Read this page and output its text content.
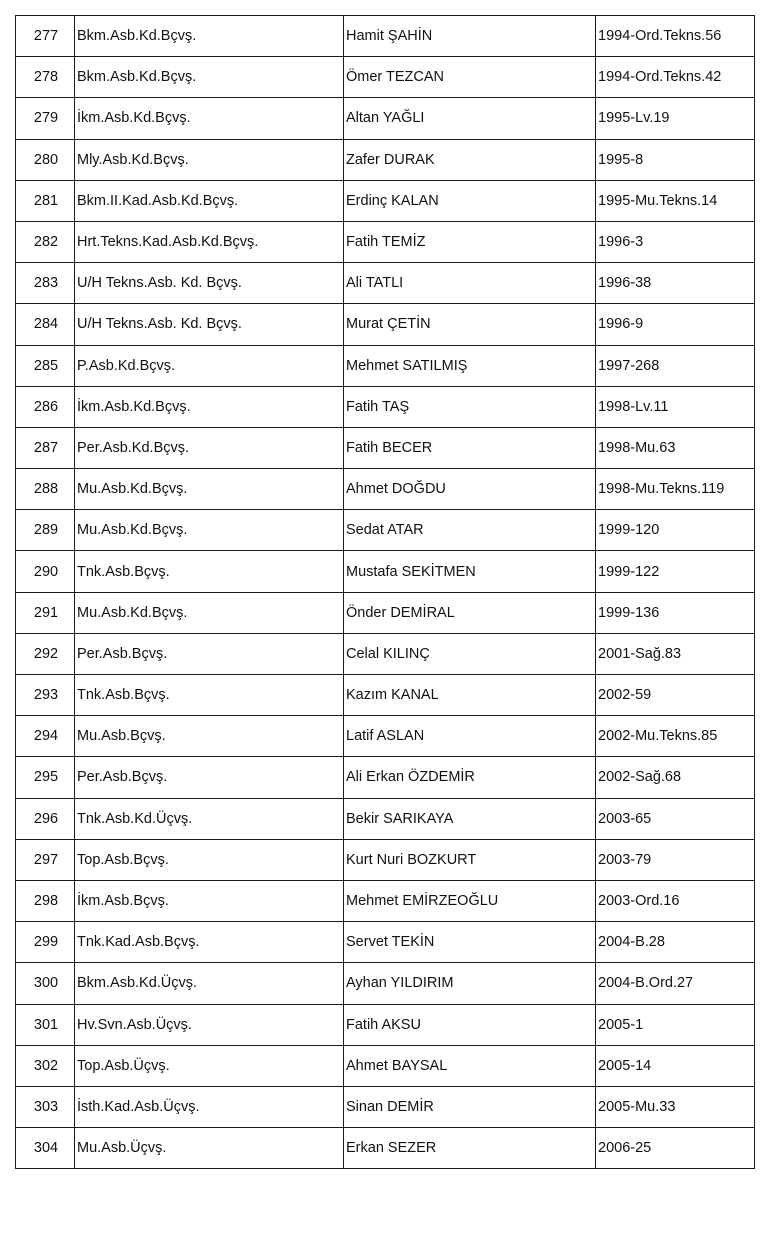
277	Bkm.Asb.Kd.Bçvş.	Hamit ŞAHİN	1994-Ord.Tekns.56
278	Bkm.Asb.Kd.Bçvş.	Ömer TEZCAN	1994-Ord.Tekns.42
279	İkm.Asb.Kd.Bçvş.	Altan YAĞLI	1995-Lv.19
280	Mly.Asb.Kd.Bçvş.	Zafer DURAK	1995-8
281	Bkm.II.Kad.Asb.Kd.Bçvş.	Erdinç KALAN	1995-Mu.Tekns.14
282	Hrt.Tekns.Kad.Asb.Kd.Bçvş.	Fatih TEMİZ	1996-3
283	U/H Tekns.Asb. Kd. Bçvş.	Ali TATLI	1996-38
284	U/H Tekns.Asb. Kd. Bçvş.	Murat ÇETİN	1996-9
285	P.Asb.Kd.Bçvş.	Mehmet SATILMIŞ	1997-268
286	İkm.Asb.Kd.Bçvş.	Fatih TAŞ	1998-Lv.11
287	Per.Asb.Kd.Bçvş.	Fatih BECER	1998-Mu.63
288	Mu.Asb.Kd.Bçvş.	Ahmet DOĞDU	1998-Mu.Tekns.119
289	Mu.Asb.Kd.Bçvş.	Sedat ATAR	1999-120
290	Tnk.Asb.Bçvş.	Mustafa SEKİTMEN	1999-122
291	Mu.Asb.Kd.Bçvş.	Önder DEMİRAL	1999-136
292	Per.Asb.Bçvş.	Celal KILINÇ	2001-Sağ.83
293	Tnk.Asb.Bçvş.	Kazım KANAL	2002-59
294	Mu.Asb.Bçvş.	Latif ASLAN	2002-Mu.Tekns.85
295	Per.Asb.Bçvş.	Ali Erkan ÖZDEMİR	2002-Sağ.68
296	Tnk.Asb.Kd.Üçvş.	Bekir SARIKAYA	2003-65
297	Top.Asb.Bçvş.	Kurt Nuri BOZKURT	2003-79
298	İkm.Asb.Bçvş.	Mehmet EMİRZEOĞLU	2003-Ord.16
299	Tnk.Kad.Asb.Bçvş.	Servet TEKİN	2004-B.28
300	Bkm.Asb.Kd.Üçvş.	Ayhan YILDIRIM	2004-B.Ord.27
301	Hv.Svn.Asb.Üçvş.	Fatih AKSU	2005-1
302	Top.Asb.Üçvş.	Ahmet BAYSAL	2005-14
303	İsth.Kad.Asb.Üçvş.	Sinan DEMİR	2005-Mu.33
304	Mu.Asb.Üçvş.	Erkan SEZER	2006-25
